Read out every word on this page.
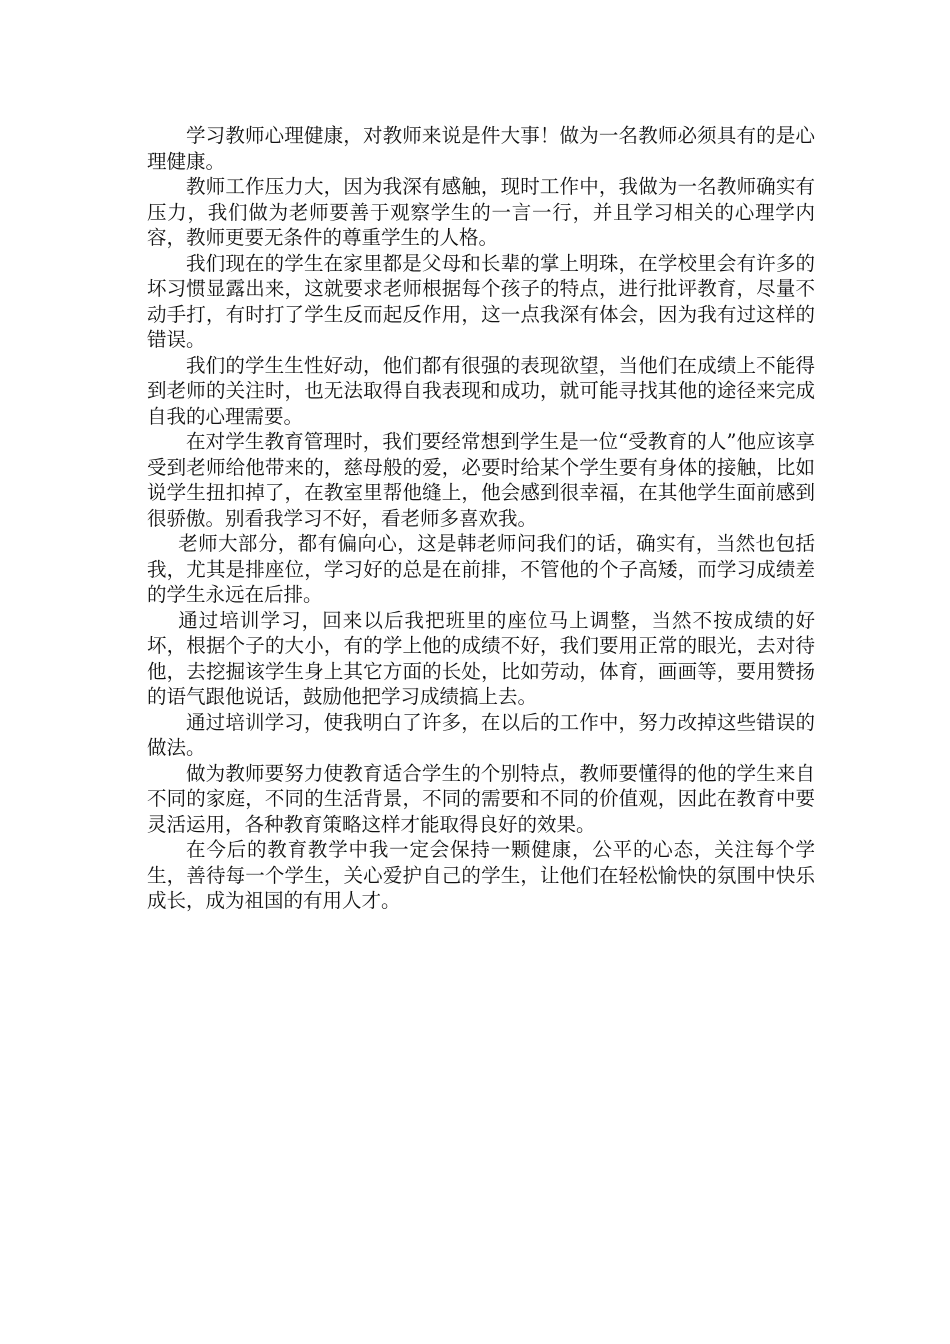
学习教师心理健康，对教师来说是件大事！做为一名教师必须具有的是心理健康。

教师工作压力大，因为我深有感触，现时工作中，我做为一名教师确实有压力，我们做为老师要善于观察学生的一言一行，并且学习相关的心理学内容，教师更要无条件的尊重学生的人格。

我们现在的学生在家里都是父母和长辈的掌上明珠，在学校里会有许多的坏习惯显露出来，这就要求老师根据每个孩子的特点，进行批评教育，尽量不动手打，有时打了学生反而起反作用，这一点我深有体会，因为我有过这样的错误。

我们的学生生性好动，他们都有很强的表现欲望，当他们在成绩上不能得到老师的关注时，也无法取得自我表现和成功，就可能寻找其他的途径来完成自我的心理需要。

在对学生教育管理时，我们要经常想到学生是一位“受教育的人”他应该享受到老师给他带来的，慈母般的爱，必要时给某个学生要有身体的接触，比如说学生扭扣掉了，在教室里帮他缝上，他会感到很幸福，在其他学生面前感到很骄傲。别看我学习不好，看老师多喜欢我。

老师大部分，都有偏向心，这是韩老师问我们的话，确实有，当然也包括我，尤其是排座位，学习好的总是在前排，不管他的个子高矮，而学习成绩差的学生永远在后排。

通过培训学习，回来以后我把班里的座位马上调整，当然不按成绩的好坏，根据个子的大小，有的学上他的成绩不好，我们要用正常的眼光，去对待他，去挖掘该学生身上其它方面的长处，比如劳动，体育，画画等，要用赞扬的语气跟他说话，鼓励他把学习成绩搞上去。

通过培训学习，使我明白了许多，在以后的工作中，努力改掉这些错误的做法。

做为教师要努力使教育适合学生的个别特点，教师要懂得的他的学生来自不同的家庭，不同的生活背景，不同的需要和不同的价值观，因此在教育中要灵活运用，各种教育策略这样才能取得良好的效果。

在今后的教育教学中我一定会保持一颗健康，公平的心态，关注每个学生，善待每一个学生，关心爱护自己的学生，让他们在轻松愉快的氛围中快乐成长，成为祖国的有用人才。
